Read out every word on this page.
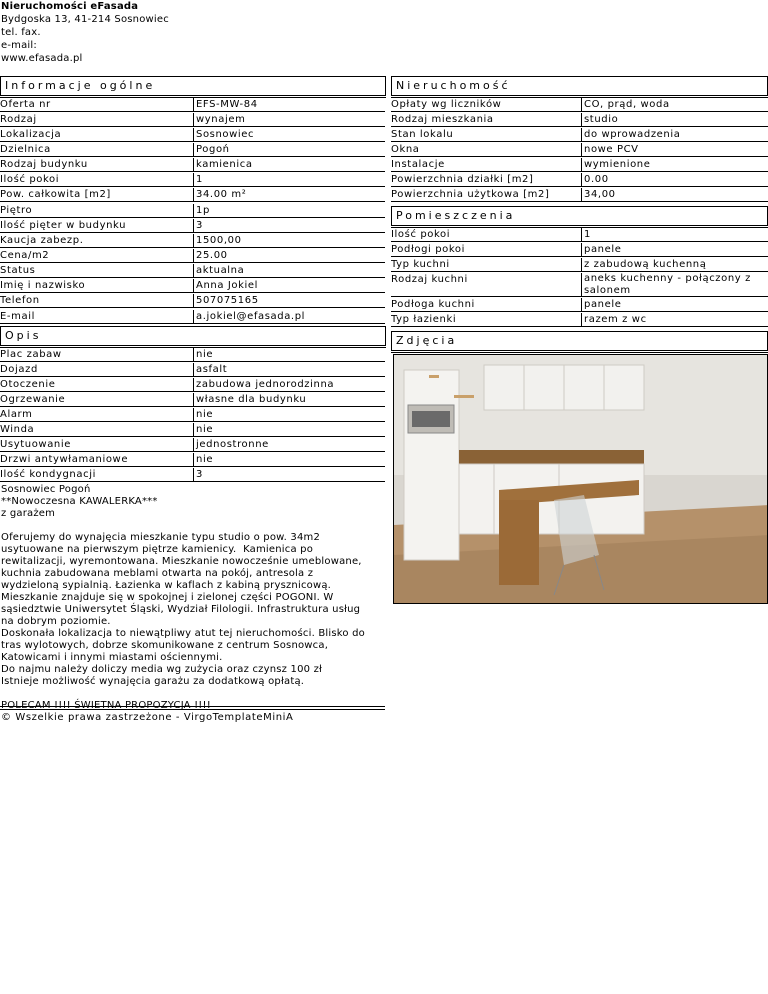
Nieruchomości eFasada
Bydgoska 13, 41-214 Sosnowiec
tel. fax.
e-mail:
www.efasada.pl
Informacje ogólne	Nieruchomość
Pomieszczenia
Opis	Zdjęcia
Oferta nr	EFS-MW-84
Rodzaj	wynajem
Lokalizacja	Sosnowiec
Dzielnica	Pogoń
Rodzaj budynku	kamienica
Ilość pokoi	1
Pow. całkowita [m2]	34.00 m²
Piętro	1p
Ilość pięter w budynku	3
Kaucja zabezp.	1500,00
Cena/m2	25.00
Status	aktualna
Imię i nazwisko	Anna Jokiel
Telefon	507075165
E-mail	a.jokiel@efasada.pl
Opłaty wg liczników	CO, prąd, woda
Rodzaj mieszkania	studio
Stan lokalu	do wprowadzenia
Okna	nowe PCV
Instalacje	wymienione
Powierzchnia działki [m2]	0.00
Powierzchnia użytkowa [m2]	34,00
Ilość pokoi	1
Podłogi pokoi	panele
Typ kuchni	z zabudową kuchenną
Rodzaj kuchni	aneks kuchenny - połączony z salonem
Podłoga kuchni	panele
Typ łazienki	razem z wc
Plac zabaw	nie
Dojazd	asfalt
Otoczenie	zabudowa jednorodzinna
Ogrzewanie	własne dla budynku
Alarm	nie
Winda	nie
Usytuowanie	jednostronne
Drzwi antywłamaniowe	nie
Ilość kondygnacji	3
Sosnowiec Pogoń
**Nowoczesna KAWALERKA***
z garażem

Oferujemy do wynajęcia mieszkanie typu studio o pow. 34m2
usytuowane na pierwszym piętrze kamienicy.  Kamienica po
rewitalizacji, wyremontowana. Mieszkanie nowocześnie umeblowane,
kuchnia zabudowana meblami otwarta na pokój, antresola z
wydzieloną sypialnią. Łazienka w kaflach z kabiną prysznicową.
Mieszkanie znajduje się w spokojnej i zielonej części POGONI. W
sąsiedztwie Uniwersytet Śląski, Wydział Filologii. Infrastruktura usług
na dobrym poziomie.
Doskonała lokalizacja to niewątpliwy atut tej nieruchomości. Blisko do
tras wylotowych, dobrze skomunikowane z centrum Sosnowca,
Katowicami i innymi miastami ościennymi.
Do najmu należy doliczy media wg zużycia oraz czynsz 100 zł
Istnieje możliwość wynajęcia garażu za dodatkową opłatą.

POLECAM !!!! ŚWIETNA PROPOZYCJA !!!!
© Wszelkie prawa zastrzeżone - VirgoTemplateMiniA
